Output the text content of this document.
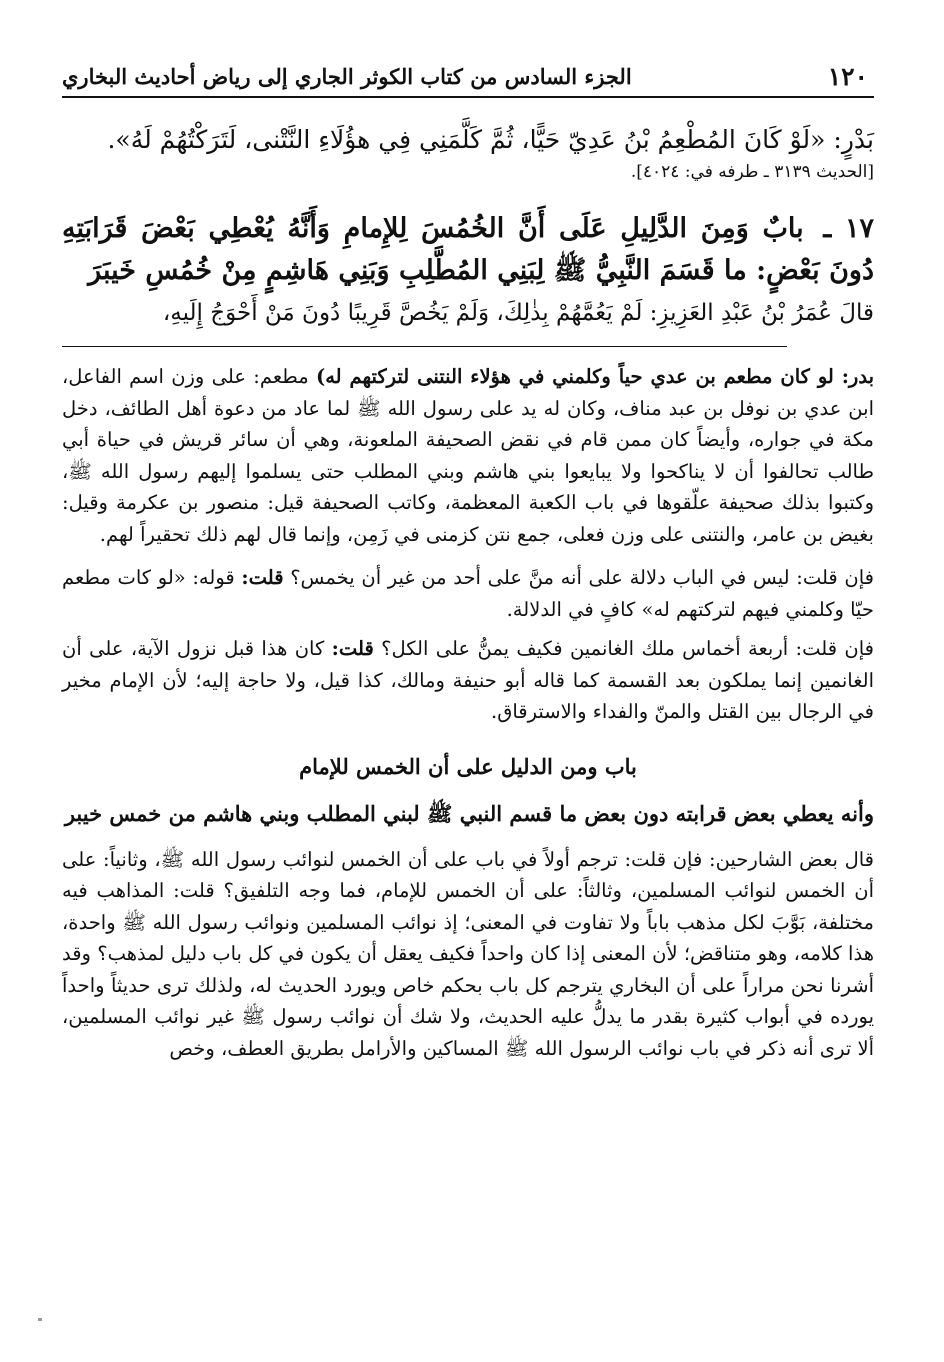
١٢٠
الجزء السادس من كتاب الكوثر الجاري إلى رياض أحاديث البخاري
بَدْرٍ: «لَوْ كَانَ المُطْعِمُ بْنُ عَدِيّ حَيًّا، ثُمَّ كَلَّمَنِي فِي هؤُلَاءِ النَّتْنى، لَتَرَكْتُهُمْ لَهُ».
[الحديث ٣١٣٩ ـ طرفه في: ٤٠٢٤].
١٧ ـ بابٌ وَمِنَ الدَّلِيلِ عَلَى أَنَّ الخُمُسَ لِلإِمامِ وَأَنَّهُ يُعْطِي بَعْضَ قَرَابَتِهِ دُونَ بَعْضٍ: ما قَسَمَ النَّبِيُّ ﷺ لِبَنِي المُطَّلِبِ وَبَنِي هَاشِمٍ مِنْ خُمُسِ خَيبَرَ
قالَ عُمَرُ بْنُ عَبْدِ العَزِيزِ: لَمْ يَعُمَّهُمْ بِذٰلِكَ، وَلَمْ يَخُصَّ قَرِيبًا دُونَ مَنْ أَحْوَجُ إِلَيهِ،

بدر: لو كان مطعم بن عدي حياً وكلمني في هؤلاء النتنى لتركتهم له) مطعم: على وزن اسم الفاعل، ابن عدي بن نوفل بن عبد مناف، وكان له يد على رسول الله ﷺ لما عاد من دعوة أهل الطائف، دخل مكة في جواره، وأيضاً كان ممن قام في نقض الصحيفة الملعونة، وهي أن سائر قريش في حياة أبي طالب تحالفوا أن لا يناكحوا ولا يبايعوا بني هاشم وبني المطلب حتى يسلموا إليهم رسول الله ﷺ، وكتبوا بذلك صحيفة علّقوها في باب الكعبة المعظمة، وكاتب الصحيفة قيل: منصور بن عكرمة وقيل: بغيض بن عامر، والنتنى على وزن فعلى، جمع نتن كزمنى في زَمِن، وإنما قال لهم ذلك تحقيراً لهم.

فإن قلت: ليس في الباب دلالة على أنه منَّ على أحد من غير أن يخمس؟ قلت: قوله: «لو كات مطعم حيّا وكلمني فيهم لتركتهم له» كافٍ في الدلالة.

فإن قلت: أربعة أخماس ملك الغانمين فكيف يمنُّ على الكل؟ قلت: كان هذا قبل نزول الآية، على أن الغانمين إنما يملكون بعد القسمة كما قاله أبو حنيفة ومالك، كذا قيل، ولا حاجة إليه؛ لأن الإمام مخير في الرجال بين القتل والمنّ والفداء والاسترقاق.

باب ومن الدليل على أن الخمس للإمام
وأنه يعطي بعض قرابته دون بعض ما قسم النبي ﷺ لبني المطلب وبني هاشم من خمس خيبر

قال بعض الشارحين: فإن قلت: ترجم أولاً في باب على أن الخمس لنوائب رسول الله ﷺ، وثانياً: على أن الخمس لنوائب المسلمين، وثالثاً: على أن الخمس للإمام، فما وجه التلفيق؟ قلت: المذاهب فيه مختلفة، بَوَّبَ لكل مذهب باباً ولا تفاوت في المعنى؛ إذ نوائب المسلمين ونوائب رسول الله ﷺ واحدة، هذا كلامه، وهو متناقض؛ لأن المعنى إذا كان واحداً فكيف يعقل أن يكون في كل باب دليل لمذهب؟ وقد أشرنا نحن مراراً على أن البخاري يترجم كل باب بحكم خاص ويورد الحديث له، ولذلك ترى حديثاً واحداً يورده في أبواب كثيرة بقدر ما يدلُّ عليه الحديث، ولا شك أن نوائب رسول ﷺ غير نوائب المسلمين، ألا ترى أنه ذكر في باب نوائب الرسول الله ﷺ المساكين والأرامل بطريق العطف، وخص
